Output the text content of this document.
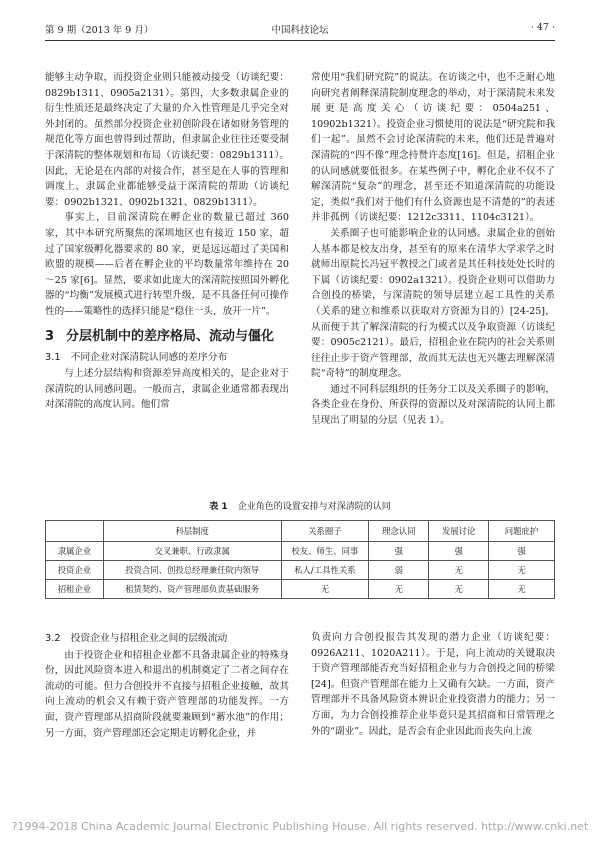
第 9 期（2013 年 9 月）	中国科技论坛	· 47 ·

能够主动争取，而投资企业则只能被动接受（访谈纪要：0829b1311、0905a2131）。第四，大多数隶属企业的衍生性质还是最终决定了大量的介入性管理是几乎完全对外封闭的。虽然部分投资企业初创阶段在诸如财务管理的规范化等方面也曾得到过帮助，但隶属企业往往还要受制于深清院的整体规划和布局（访谈纪要：0829b1311）。因此，无论是在内部的对接合作，甚至是在人事的管理和调度上，隶属企业都能够受益于深清院的帮助（访谈纪要：0902b1321、0902b1321、0829b1311）。

事实上，目前深清院在孵企业的数量已超过 360 家，其中本研究所聚焦的深圳地区也有接近 150 家，超过了国家级孵化器要求的 80 家，更是远远超过了美国和欧盟的规模——后者在孵企业的平均数量常年维持在 20～25 家[6]。显然，要求如此庞大的深清院按照国外孵化器的“均衡”发展模式进行转型升级，是不具备任何可操作性的——策略性的选择只能是“稳住一头，放开一片”。

3 分层机制中的差序格局、流动与僵化
3.1 不同企业对深清院认同感的差序分布

与上述分层结构和资源差异高度相关的，是企业对于深清院的认同感问题。一般而言，隶属企业通常都表现出对深清院的高度认同。他们常

常使用“我们研究院”的说法。在访谈之中，也不乏耐心地向研究者阐释深清院制度理念的举动，对于深清院未来发展更是高度关心（访谈纪要：0504a251、10902b1321）。投资企业习惯使用的说法是“研究院和我们一起”。虽然不会讨论深清院的未来，他们还是普遍对深清院的“四不像”理念持赞许态度[16]。但是，招租企业的认同感就要低很多。在某些例子中，孵化企业不仅不了解深清院“复杂”的理念，甚至还不知道深清院的功能设定，类似“我们对于他们有什么资源也是不清楚的”的表述并非孤例（访谈纪要：1212c3311、1104c3121）。

关系圈子也可能影响企业的认同感。隶属企业的创始人基本都是校友出身，甚至有的原来在清华大学求学之时就师出原院长冯冠平教授之门或者是其任科技处处长时的下属（访谈纪要：0902a1321）。投资企业则可以借助力合创投的桥梁，与深清院的领导层建立起工具性的关系（关系的建立和维系以获取对方资源为目的）[24-25]，从而便于其了解深清院的行为模式以及争取资源（访谈纪要：0905c2121）。最后，招租企业在院内的社会关系则往往止步于资产管理部，故而其无法也无兴趣去理解深清院“奇特”的制度理念。

通过不同科层组织的任务分工以及关系圈子的影响，各类企业在身份、所获得的资源以及对深清院的认同上都呈现出了明显的分层（见表 1）。

表 1 企业角色的设置安排与对深清院的认同
	科层制度	关系圈子	理念认同	发展讨论	问题庇护
隶属企业	交叉兼职、行政隶属	校友、师生、同事	强	强	强
投资企业	投资合同、创投总经理兼任院内领导	私人/工具性关系	弱	无	无
招租企业	租赁契约、资产管理部负责基础服务	无	无	无	无
3.2 投资企业与招租企业之间的层级流动

由于投资企业和招租企业都不具备隶属企业的特殊身份，因此风险资本进入和退出的机制奠定了二者之间存在流动的可能。但力合创投并不直接与招租企业接触，故其向上流动的机会又有赖于资产管理部的功能发挥。一方面，资产管理部从招商阶段就要兼顾到“蓄水池”的作用；另一方面，资产管理部还会定期走访孵化企业，并

负责向力合创投报告其发现的潜力企业（访谈纪要：0926A211、1020A211）。于是，向上流动的关键取决于资产管理部能否充当好招租企业与力合创投之间的桥梁[24]。但资产管理部在能力上又确有欠缺。一方面，资产管理部并不具备风险资本辨识企业投资潜力的能力；另一方面，为力合创投推荐企业毕竟只是其招商和日常管理之外的“副业”。因此，是否会有企业因此而丧失向上流

?1994-2018 China Academic Journal Electronic Publishing House. All rights reserved. http://www.cnki.net
